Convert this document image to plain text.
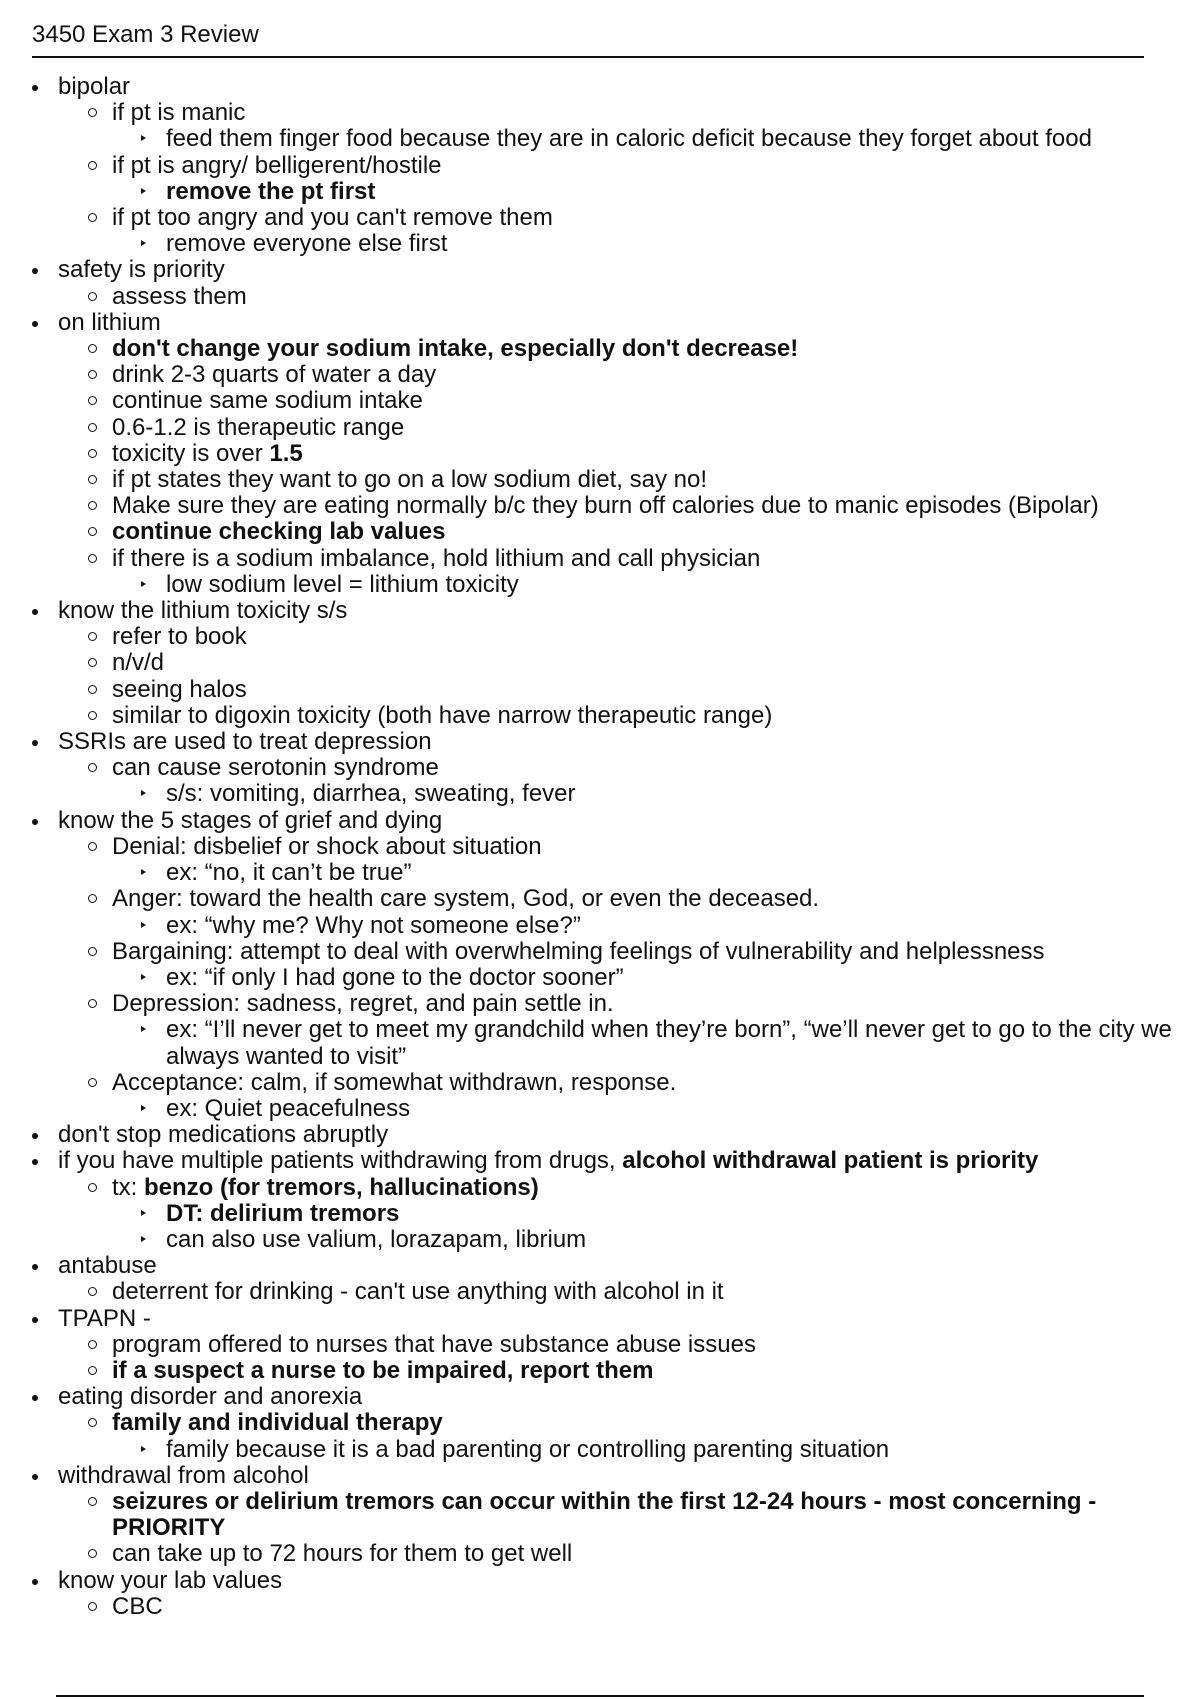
3450 Exam 3 Review
bipolar
if pt is manic
feed them finger food because they are in caloric deficit because they forget about food
if pt is angry/ belligerent/hostile
remove the pt first
if pt too angry and you can't remove them
remove everyone else first
safety is priority
assess them
on lithium
don't change your sodium intake, especially don't decrease!
drink 2-3 quarts of water a day
continue same sodium intake
0.6-1.2 is therapeutic range
toxicity is over 1.5
if pt states they want to go on a low sodium diet, say no!
Make sure they are eating normally b/c they burn off calories due to manic episodes (Bipolar)
continue checking lab values
if there is a sodium imbalance, hold lithium and call physician
low sodium level = lithium toxicity
know the lithium toxicity s/s
refer to book
n/v/d
seeing halos
similar to digoxin toxicity (both have narrow therapeutic range)
SSRIs are used to treat depression
can cause serotonin syndrome
s/s: vomiting, diarrhea, sweating, fever
know the 5 stages of grief and dying
Denial: disbelief or shock about situation
ex: “no, it can’t be true”
Anger: toward the health care system, God, or even the deceased.
ex: “why me? Why not someone else?”
Bargaining: attempt to deal with overwhelming feelings of vulnerability and helplessness
ex: “if only I had gone to the doctor sooner”
Depression: sadness, regret, and pain settle in.
ex: “I’ll never get to meet my grandchild when they’re born”, “we’ll never get to go to the city we always wanted to visit”
Acceptance: calm, if somewhat withdrawn, response.
ex: Quiet peacefulness
don't stop medications abruptly
if you have multiple patients withdrawing from drugs, alcohol withdrawal patient is priority
tx: benzo (for tremors, hallucinations)
DT: delirium tremors
can also use valium, lorazapam, librium
antabuse
deterrent for drinking - can't use anything with alcohol in it
TPAPN -
program offered to nurses that have substance abuse issues
if a suspect a nurse to be impaired, report them
eating disorder and anorexia
family and individual therapy
family because it is a bad parenting or controlling parenting situation
withdrawal from alcohol
seizures or delirium tremors can occur within the first 12-24 hours - most concerning - PRIORITY
can take up to 72 hours for them to get well
know your lab values
CBC
